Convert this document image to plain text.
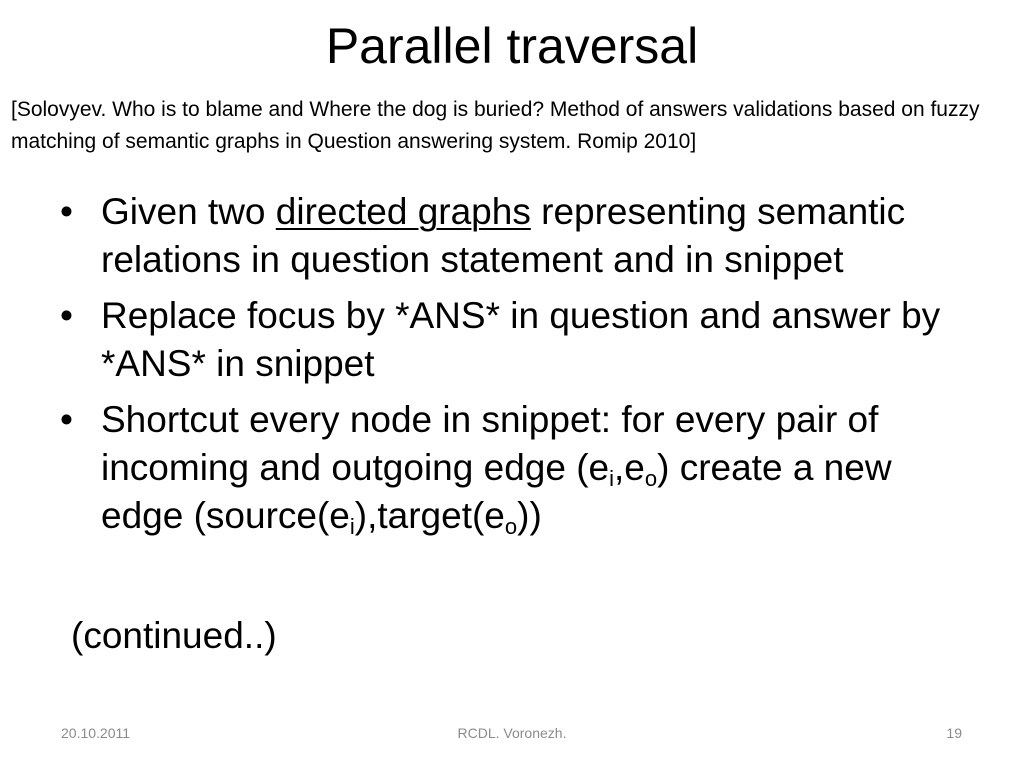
Parallel traversal
[Solovyev. Who is to blame and Where the dog is buried? Method of answers validations based on fuzzy matching of semantic graphs in Question answering system. Romip 2010]
• Given two directed graphs representing semantic relations in question statement and in snippet
• Replace focus by *ANS* in question and answer by *ANS* in snippet
• Shortcut every node in snippet: for every pair of incoming and outgoing edge $(e_i,e_o)$ create a new edge $(source(e_i),target(e_o))$
(continued..)
20.10.2011	RCDL. Voronezh.	19
